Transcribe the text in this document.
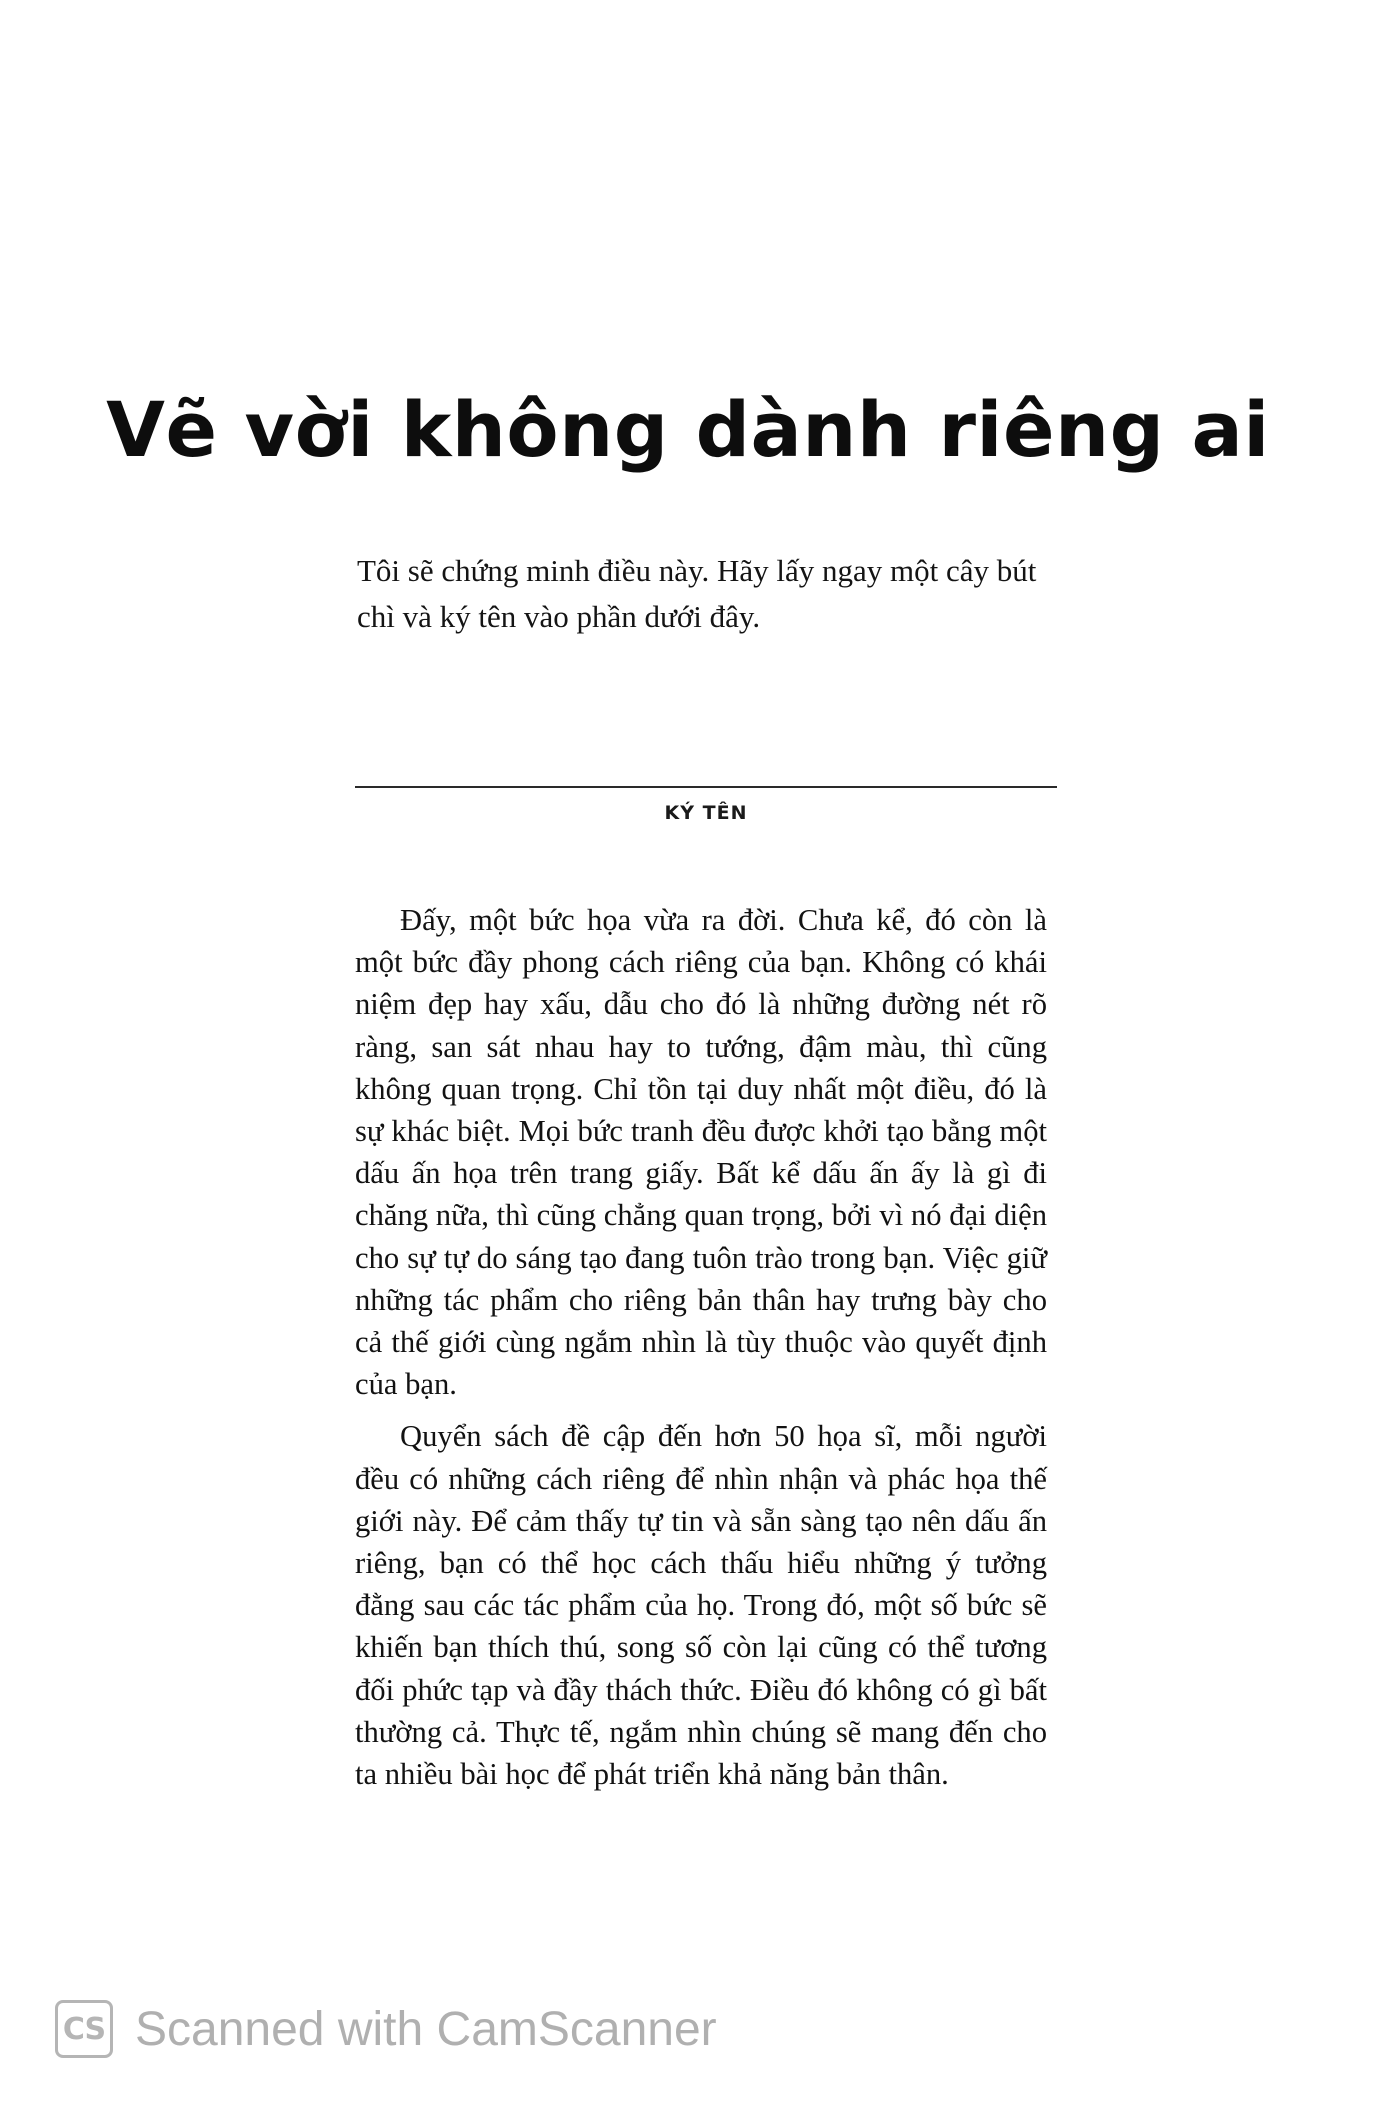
Vẽ vời không dành riêng ai

Tôi sẽ chứng minh điều này. Hãy lấy ngay một cây bút chì và ký tên vào phần dưới đây.

KÝ TÊN

Đấy, một bức họa vừa ra đời. Chưa kể, đó còn là một bức đầy phong cách riêng của bạn. Không có khái niệm đẹp hay xấu, dẫu cho đó là những đường nét rõ ràng, san sát nhau hay to tướng, đậm màu, thì cũng không quan trọng. Chỉ tồn tại duy nhất một điều, đó là sự khác biệt. Mọi bức tranh đều được khởi tạo bằng một dấu ấn họa trên trang giấy. Bất kể dấu ấn ấy là gì đi chăng nữa, thì cũng chẳng quan trọng, bởi vì nó đại diện cho sự tự do sáng tạo đang tuôn trào trong bạn. Việc giữ những tác phẩm cho riêng bản thân hay trưng bày cho cả thế giới cùng ngắm nhìn là tùy thuộc vào quyết định của bạn.

Quyển sách đề cập đến hơn 50 họa sĩ, mỗi người đều có những cách riêng để nhìn nhận và phác họa thế giới này. Để cảm thấy tự tin và sẵn sàng tạo nên dấu ấn riêng, bạn có thể học cách thấu hiểu những ý tưởng đằng sau các tác phẩm của họ. Trong đó, một số bức sẽ khiến bạn thích thú, song số còn lại cũng có thể tương đối phức tạp và đầy thách thức. Điều đó không có gì bất thường cả. Thực tế, ngắm nhìn chúng sẽ mang đến cho ta nhiều bài học để phát triển khả năng bản thân.

CS Scanned with CamScanner
